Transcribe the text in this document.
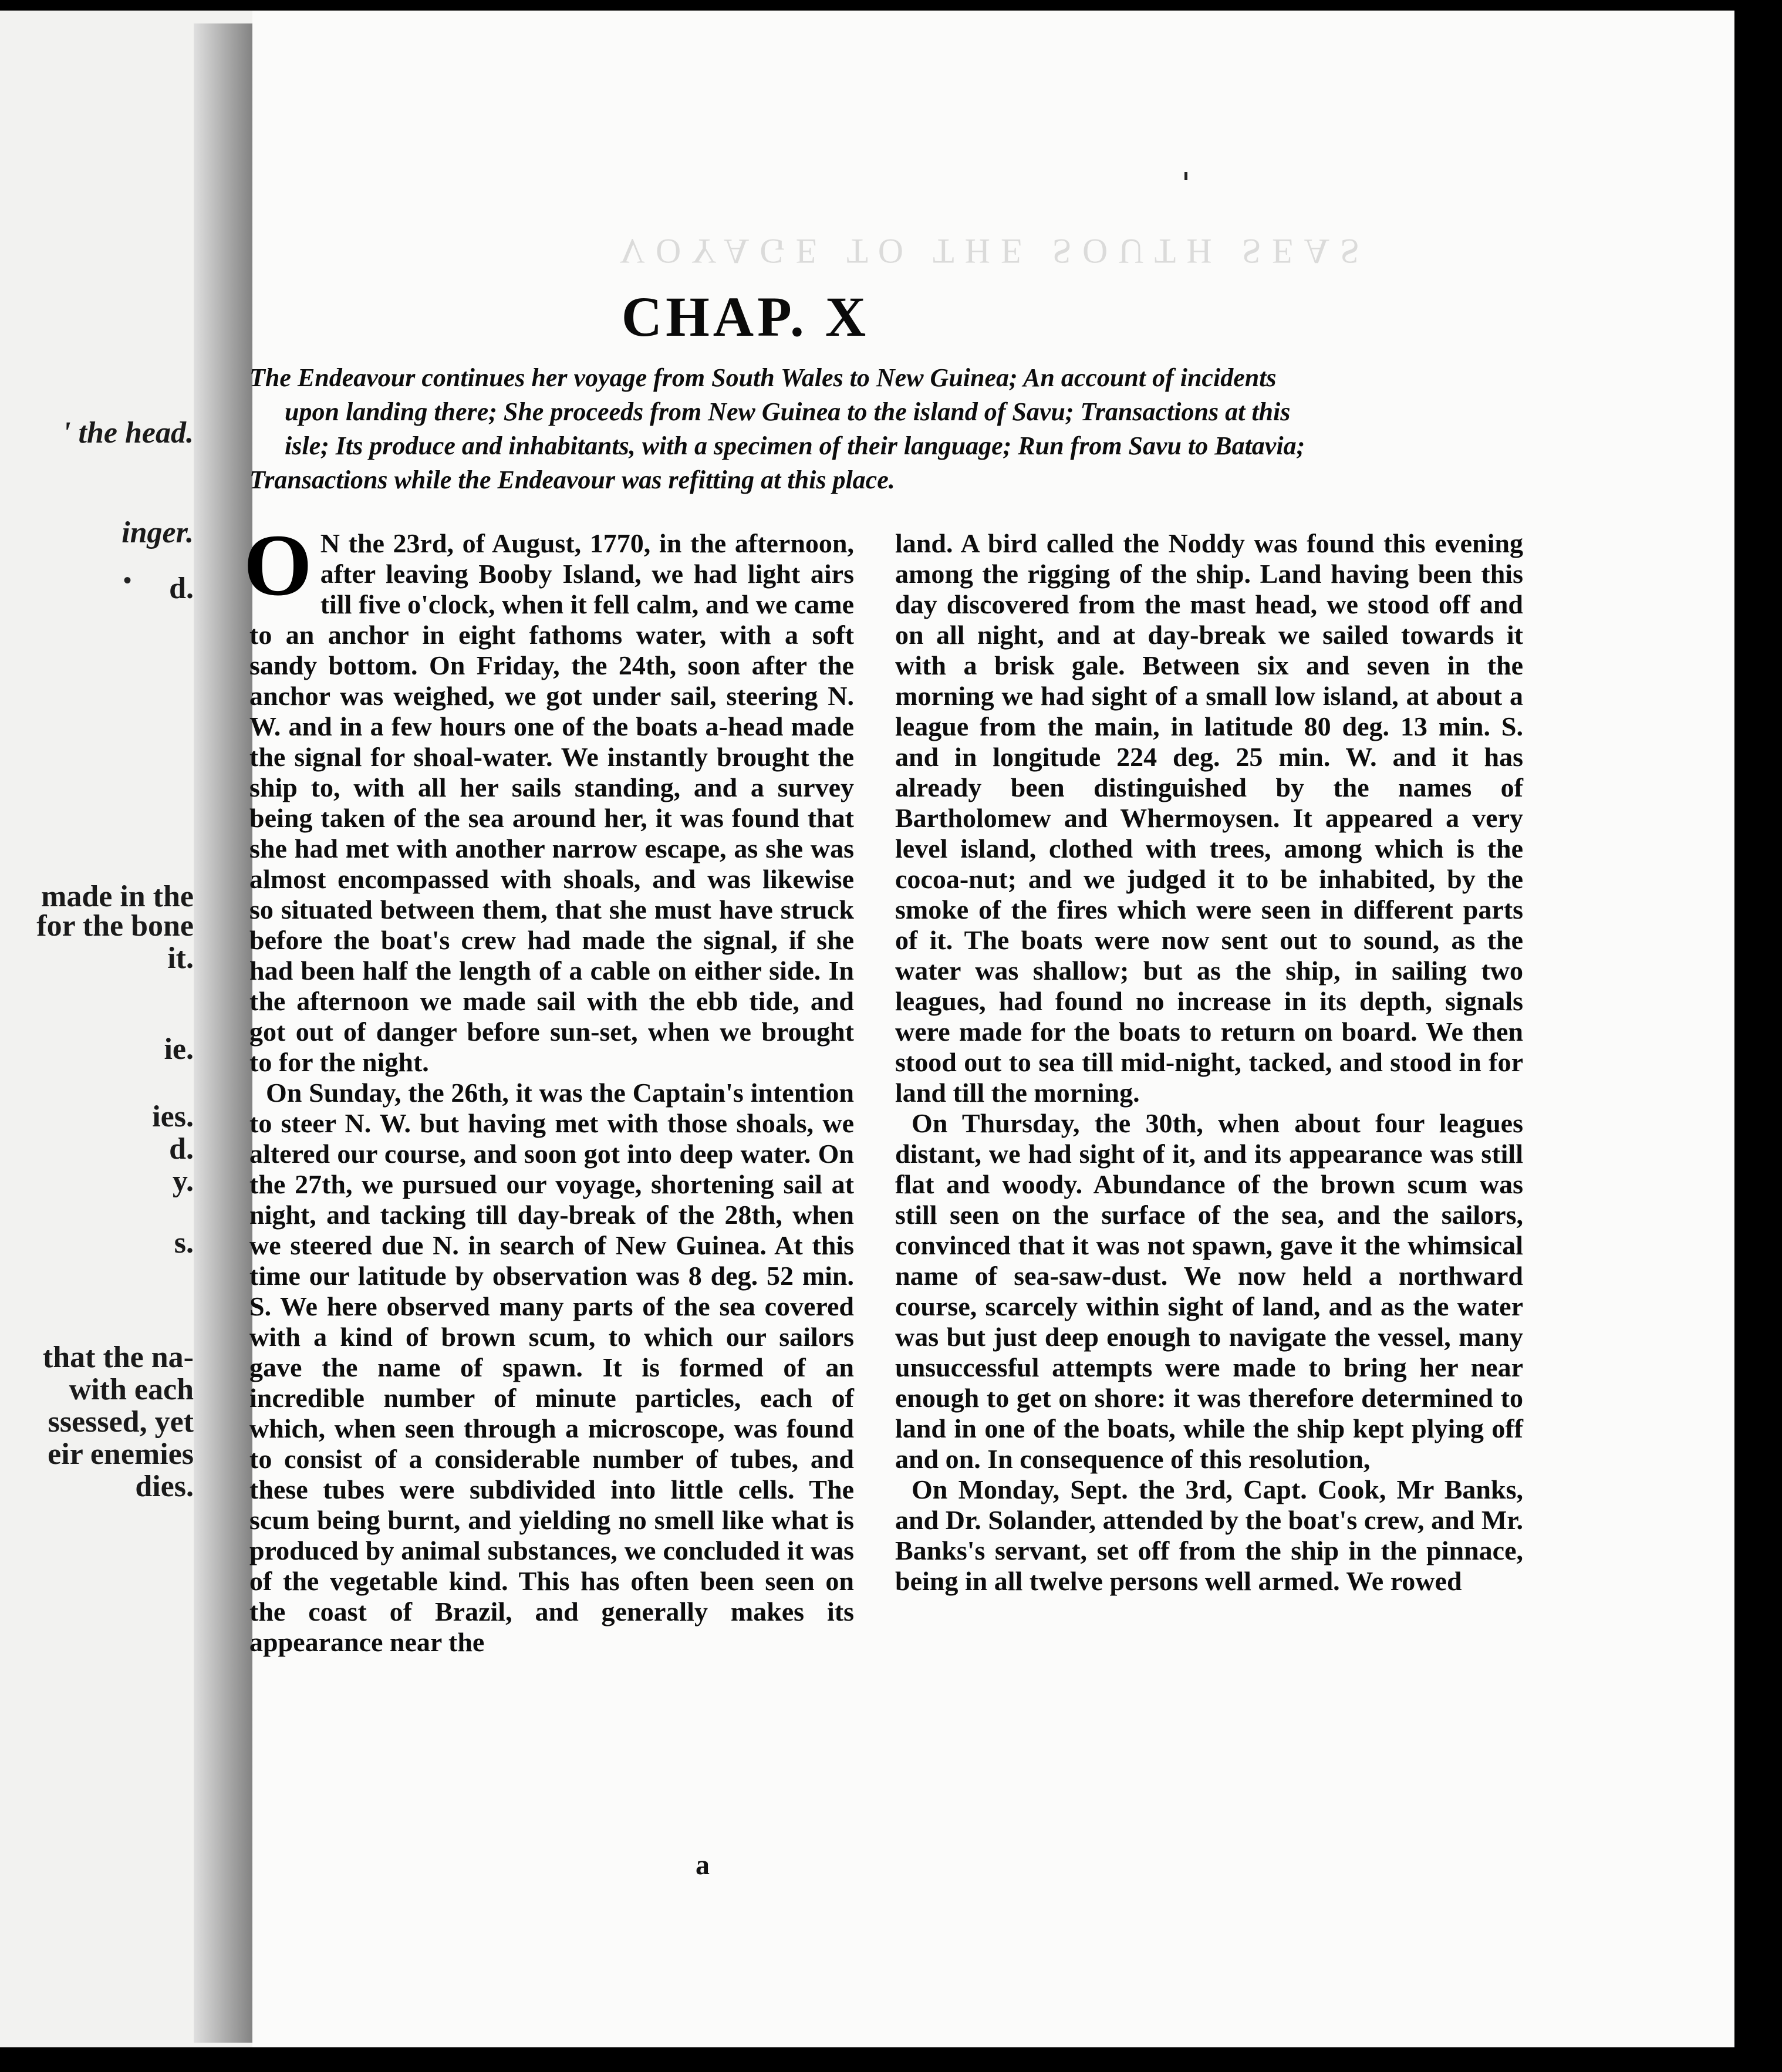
' the head.
inger.
d.
made in the
for the bone
it.
ie.
ies.
d.
y.
s.
that the na-
with each
ssessed, yet
eir enemies
dies.
VOYAGE TO THE SOUTH SEAS
•
CHAP. X
The Endeavour continues her voyage from South Wales to New Guinea; An account of incidents
upon landing there; She proceeds from New Guinea to the island of Savu; Transactions at this
isle; Its produce and inhabitants, with a specimen of their language; Run from Savu to Batavia;
Transactions while the Endeavour was refitting at this place.

O N the 23rd, of August, 1770, in the afternoon, after leaving Booby Island, we had light airs till five o'clock, when it fell calm, and we came to an anchor in eight fathoms water, with a soft sandy bottom. On Friday, the 24th, soon after the anchor was weighed, we got under sail, steering N. W. and in a few hours one of the boats a-head made the signal for shoal-water. We instantly brought the ship to, with all her sails standing, and a survey being taken of the sea around her, it was found that she had met with another narrow escape, as she was almost encompassed with shoals, and was likewise so situated between them, that she must have struck before the boat's crew had made the signal, if she had been half the length of a cable on either side. In the afternoon we made sail with the ebb tide, and got out of danger before sun-set, when we brought to for the night.

On Sunday, the 26th, it was the Captain's intention to steer N. W. but having met with those shoals, we altered our course, and soon got into deep water. On the 27th, we pursued our voyage, shortening sail at night, and tacking till day-break of the 28th, when we steered due N. in search of New Guinea. At this time our latitude by observation was 8 deg. 52 min. S. We here observed many parts of the sea covered with a kind of brown scum, to which our sailors gave the name of spawn. It is formed of an incredible number of minute particles, each of which, when seen through a microscope, was found to consist of a considerable number of tubes, and these tubes were subdivided into little cells. The scum being burnt, and yielding no smell like what is produced by animal substances, we concluded it was of the vegetable kind. This has often been seen on the coast of Brazil, and generally makes its appearance near the

land. A bird called the Noddy was found this evening among the rigging of the ship. Land having been this day discovered from the mast head, we stood off and on all night, and at day-break we sailed towards it with a brisk gale. Between six and seven in the morning we had sight of a small low island, at about a league from the main, in latitude 80 deg. 13 min. S. and in longitude 224 deg. 25 min. W. and it has already been distinguished by the names of Bartholomew and Whermoysen. It appeared a very level island, clothed with trees, among which is the cocoa-nut; and we judged it to be inhabited, by the smoke of the fires which were seen in different parts of it. The boats were now sent out to sound, as the water was shallow; but as the ship, in sailing two leagues, had found no increase in its depth, signals were made for the boats to return on board. We then stood out to sea till mid-night, tacked, and stood in for land till the morning.

On Thursday, the 30th, when about four leagues distant, we had sight of it, and its appearance was still flat and woody. Abundance of the brown scum was still seen on the surface of the sea, and the sailors, convinced that it was not spawn, gave it the whimsical name of sea-saw-dust. We now held a northward course, scarcely within sight of land, and as the water was but just deep enough to navigate the vessel, many unsuccessful attempts were made to bring her near enough to get on shore: it was therefore determined to land in one of the boats, while the ship kept plying off and on. In consequence of this resolution,

On Monday, Sept. the 3rd, Capt. Cook, Mr Banks, and Dr. Solander, attended by the boat's crew, and Mr. Banks's servant, set off from the ship in the pinnace, being in all twelve persons well armed. We rowed

a
